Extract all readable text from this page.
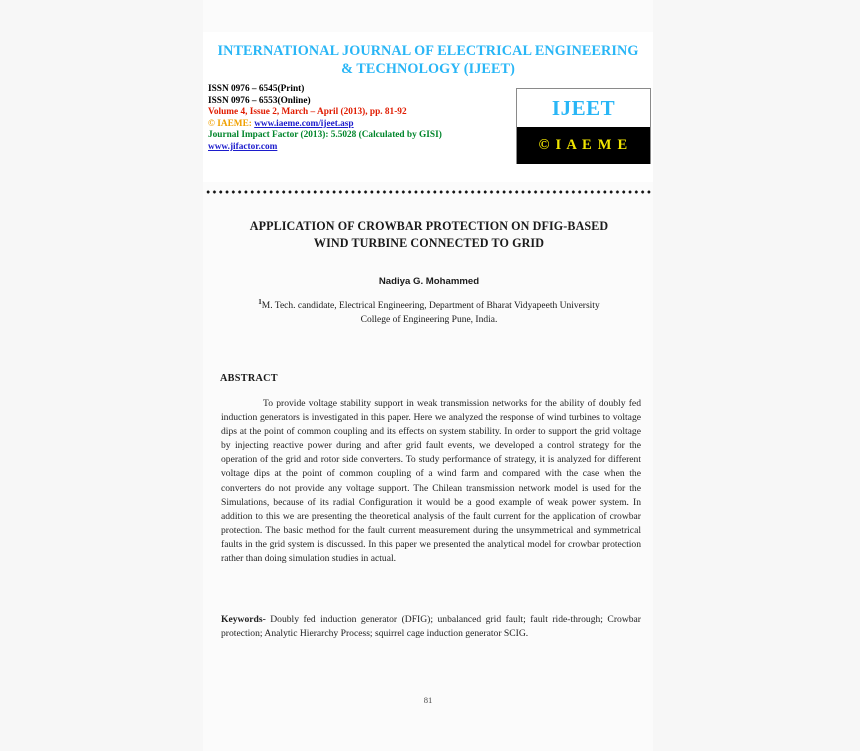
INTERNATIONAL JOURNAL OF ELECTRICAL ENGINEERING
& TECHNOLOGY (IJEET)
ISSN 0976 – 6545(Print)
ISSN 0976 – 6553(Online)
Volume 4, Issue 2, March – April (2013), pp. 81-92
© IAEME: www.iaeme.com/ijeet.asp
Journal Impact Factor (2013): 5.5028 (Calculated by GISI)
www.jifactor.com
IJEET
© I A E M E
APPLICATION OF CROWBAR PROTECTION ON DFIG-BASED
WIND TURBINE CONNECTED TO GRID
Nadiya G. Mohammed
$^1$M. Tech. candidate, Electrical Engineering, Department of Bharat Vidyapeeth University
College of Engineering Pune, India.
ABSTRACT
To provide voltage stability support in weak transmission networks for the ability of doubly fed induction generators is investigated in this paper. Here we analyzed the response of wind turbines to voltage dips at the point of common coupling and its effects on system stability. In order to support the grid voltage by injecting reactive power during and after grid fault events, we developed a control strategy for the operation of the grid and rotor side converters. To study performance of strategy, it is analyzed for different voltage dips at the point of common coupling of a wind farm and compared with the case when the converters do not provide any voltage support. The Chilean transmission network model is used for the Simulations, because of its radial Configuration it would be a good example of weak power system. In addition to this we are presenting the theoretical analysis of the fault current for the application of crowbar protection. The basic method for the fault current measurement during the unsymmetrical and symmetrical faults in the grid system is discussed. In this paper we presented the analytical model for crowbar protection rather than doing simulation studies in actual.
Keywords- Doubly fed induction generator (DFIG); unbalanced grid fault; fault ride-through; Crowbar protection; Analytic Hierarchy Process; squirrel cage induction generator SCIG.
81
